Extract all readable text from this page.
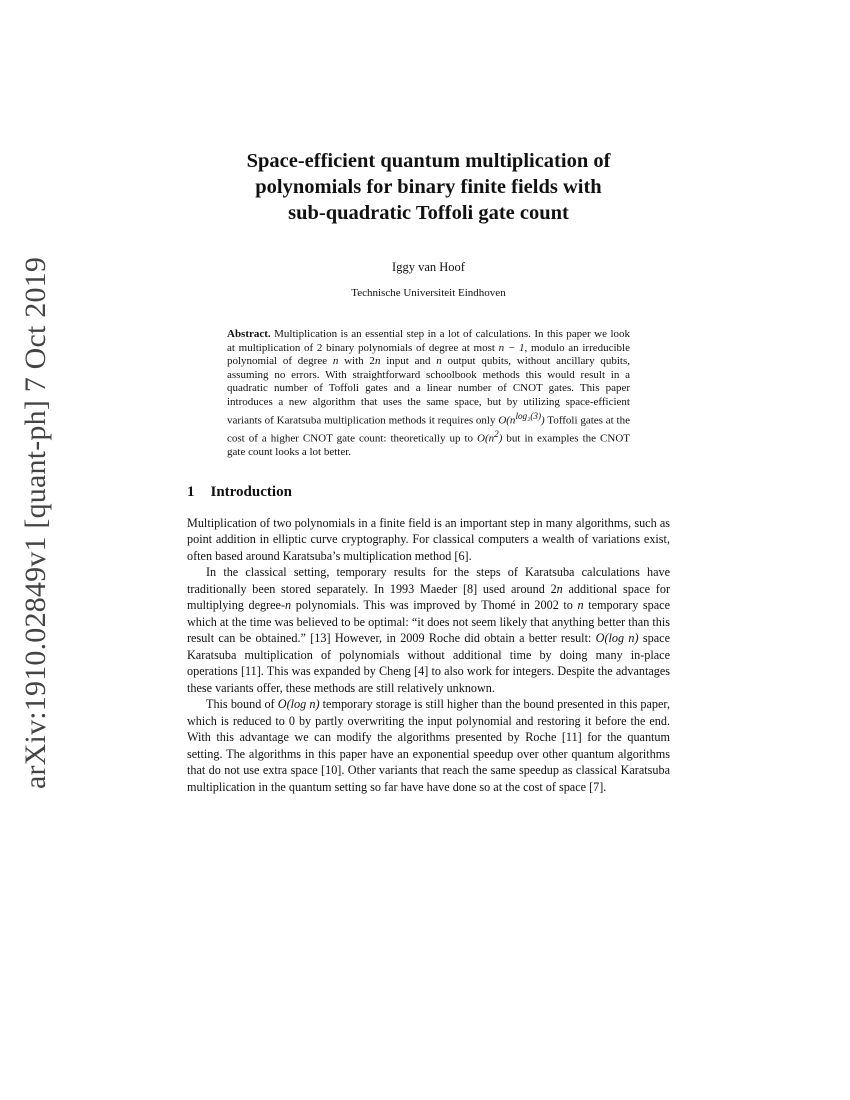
arXiv:1910.02849v1 [quant-ph] 7 Oct 2019
Space-efficient quantum multiplication of
polynomials for binary finite fields with
sub-quadratic Toffoli gate count
Iggy van Hoof
Technische Universiteit Eindhoven
Abstract. Multiplication is an essential step in a lot of calculations. In this paper we look at multiplication of 2 binary polynomials of degree at most n − 1, modulo an irreducible polynomial of degree n with 2n input and n output qubits, without ancillary qubits, assuming no errors. With straightforward schoolbook methods this would result in a quadratic number of Toffoli gates and a linear number of CNOT gates. This paper introduces a new algorithm that uses the same space, but by utilizing space-efficient variants of Karatsuba multiplication methods it requires only $O(n^{log_2(3)})$ Toffoli gates at the cost of a higher CNOT gate count: theoretically up to $O(n^2)$ but in examples the CNOT gate count looks a lot better.
1 Introduction

Multiplication of two polynomials in a finite field is an important step in many algorithms, such as point addition in elliptic curve cryptography. For classical computers a wealth of variations exist, often based around Karatsuba’s multiplication method [6].

In the classical setting, temporary results for the steps of Karatsuba calculations have traditionally been stored separately. In 1993 Maeder [8] used around 2n additional space for multiplying degree-n polynomials. This was improved by Thomé in 2002 to n temporary space which at the time was believed to be optimal: “it does not seem likely that anything better than this result can be obtained.” [13] However, in 2009 Roche did obtain a better result: O(log n) space Karatsuba multiplication of polynomials without additional time by doing many in-place operations [11]. This was expanded by Cheng [4] to also work for integers. Despite the advantages these variants offer, these methods are still relatively unknown.

This bound of O(log n) temporary storage is still higher than the bound presented in this paper, which is reduced to 0 by partly overwriting the input polynomial and restoring it before the end. With this advantage we can modify the algorithms presented by Roche [11] for the quantum setting. The algorithms in this paper have an exponential speedup over other quantum algorithms that do not use extra space [10]. Other variants that reach the same speedup as classical Karatsuba multiplication in the quantum setting so far have have done so at the cost of space [7].
